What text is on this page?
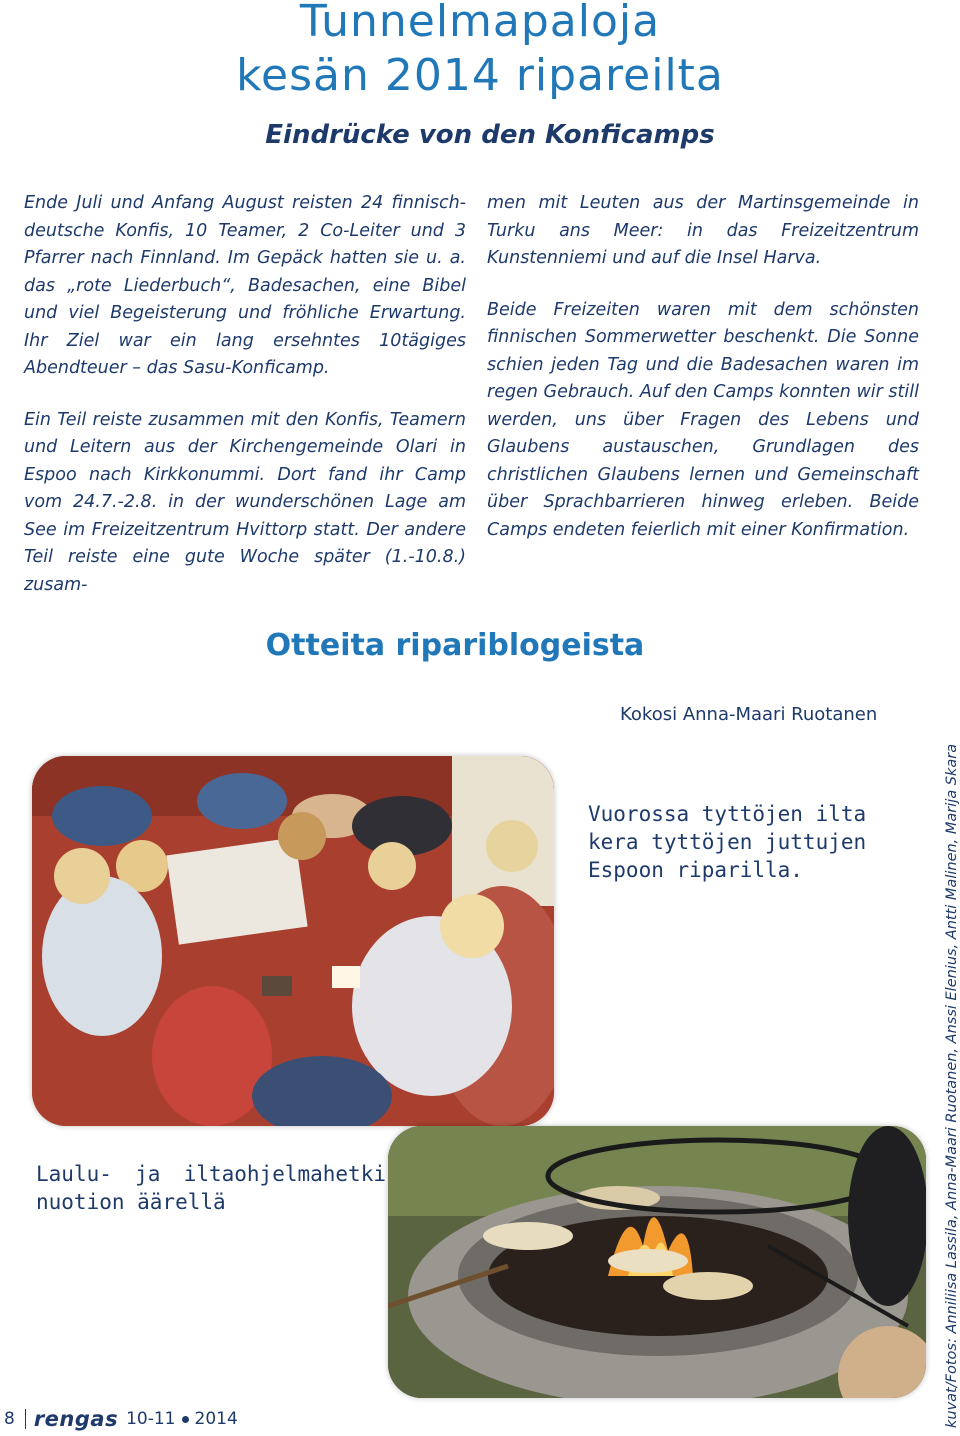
Tunnelmapaloja
kesän 2014 ripareilta
Eindrücke von den Konficamps

Ende Juli und Anfang August reisten 24 finnisch-deutsche Konfis, 10 Teamer, 2 Co-Leiter und 3 Pfarrer nach Finnland. Im Gepäck hatten sie u. a. das „rote Liederbuch“, Badesachen, eine Bibel und viel Begeisterung und fröhliche Erwartung. Ihr Ziel war ein lang ersehntes 10tägiges Abendteuer – das Sasu-Konficamp.

Ein Teil reiste zusammen mit den Konfis, Teamern und Leitern aus der Kirchengemeinde Olari in Espoo nach Kirkkonummi. Dort fand ihr Camp vom 24.7.-2.8. in der wunderschönen Lage am See im Freizeitzentrum Hvittorp statt. Der andere Teil reiste eine gute Woche später (1.-10.8.) zusam-

men mit Leuten aus der Martinsgemeinde in Turku ans Meer: in das Freizeitzentrum Kunstenniemi und auf die Insel Harva.

Beide Freizeiten waren mit dem schönsten finnischen Sommerwetter beschenkt. Die Sonne schien jeden Tag und die Badesachen waren im regen Gebrauch. Auf den Camps konnten wir still werden, uns über Fragen des Lebens und Glaubens austauschen, Grundlagen des christlichen Glaubens lernen und Gemeinschaft über Sprachbarrieren hinweg erleben. Beide Camps endeten feierlich mit einer Konfirmation.

Otteita ripariblogeista
Kokosi Anna-Maari Ruotanen
Vuorossa tyttöjen ilta kera tyttöjen juttujen Espoon riparilla.
Laulu- ja iltaohjelmahetki nuotion äärellä	kuvat/Fotos: Anniliisa Lassila, Anna-Maari Ruotanen, Anssi Elenius, Antti Malinen, Marija Skara
8 rengas 10-11 2014
